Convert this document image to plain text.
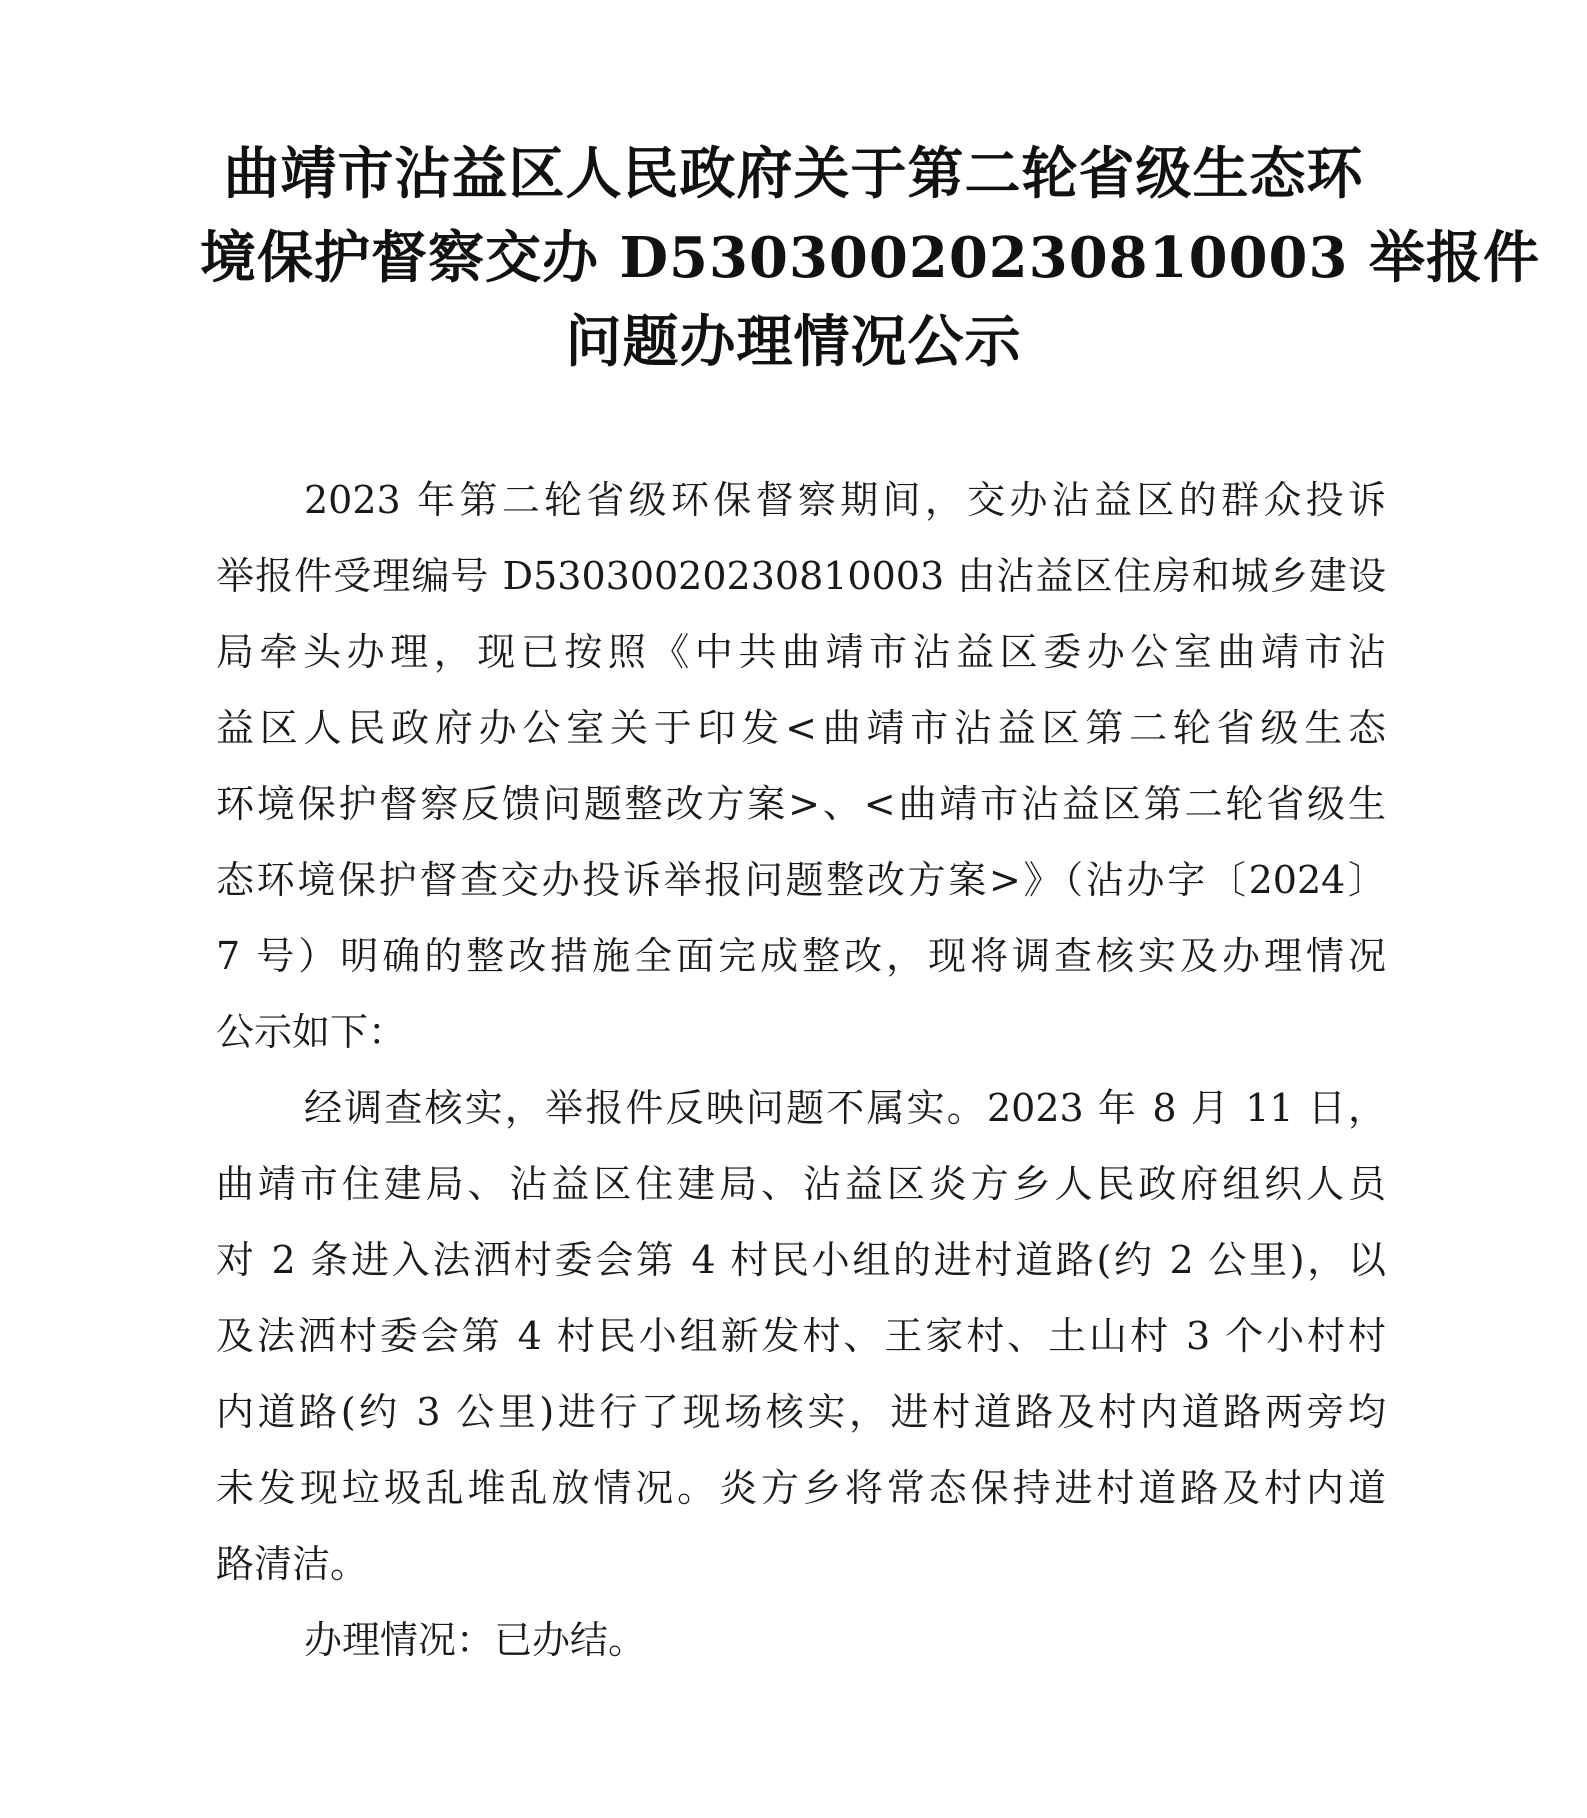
曲靖市沾益区人民政府关于第二轮省级生态环
境保护督察交办 D53030020230810003 举报件
问题办理情况公示
2023 年第二轮省级环保督察期间，交办沾益区的群众投诉
举报件受理编号 D53030020230810003 由沾益区住房和城乡建设
局牵头办理，现已按照《中共曲靖市沾益区委办公室曲靖市沾
益区人民政府办公室关于印发<曲靖市沾益区第二轮省级生态
环境保护督察反馈问题整改方案>、<曲靖市沾益区第二轮省级生
态环境保护督查交办投诉举报问题整改方案>》（沾办字〔2024〕
7 号）明确的整改措施全面完成整改，现将调查核实及办理情况
公示如下：
经调查核实，举报件反映问题不属实。2023 年 8 月 11 日，
曲靖市住建局、沾益区住建局、沾益区炎方乡人民政府组织人员
对 2 条进入法洒村委会第 4 村民小组的进村道路(约 2 公里)，以
及法洒村委会第 4 村民小组新发村、王家村、土山村 3 个小村村
内道路(约 3 公里)进行了现场核实，进村道路及村内道路两旁均
未发现垃圾乱堆乱放情况。炎方乡将常态保持进村道路及村内道
路清洁。
办理情况：已办结。
